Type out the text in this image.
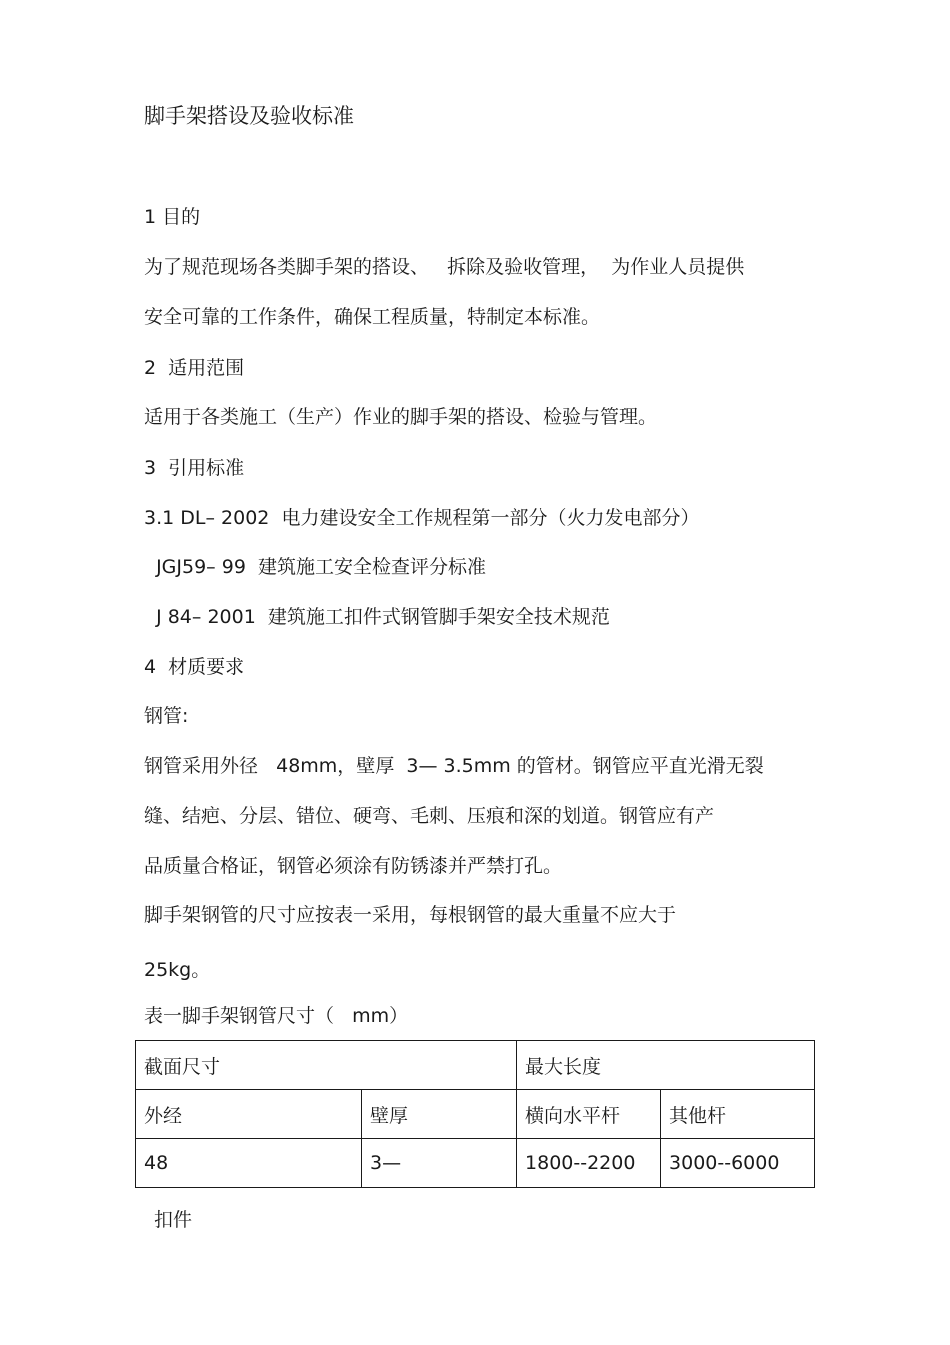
脚手架搭设及验收标准

1 目的

为了规范现场各类脚手架的搭设、   拆除及验收管理，  为作业人员提供

安全可靠的工作条件，确保工程质量，特制定本标准。

2  适用范围

适用于各类施工（生产）作业的脚手架的搭设、检验与管理。

3  引用标准

3.1 DL– 2002  电力建设安全工作规程第一部分（火力发电部分）

JGJ59– 99  建筑施工安全检查评分标准

J 84– 2001  建筑施工扣件式钢管脚手架安全技术规范

4  材质要求

钢管:

钢管采用外径   48mm，壁厚  3— 3.5mm 的管材。钢管应平直光滑无裂

缝、结疤、分层、错位、硬弯、毛刺、压痕和深的划道。钢管应有产

品质量合格证，钢管必须涂有防锈漆并严禁打孔。

脚手架钢管的尺寸应按表一采用，每根钢管的最大重量不应大于

25kg。

表一脚手架钢管尺寸（   mm）

截面尺寸		最大长度	
外经	壁厚	横向水平杆	其他杆
48	3—	1800--2200	3000--6000

扣件
